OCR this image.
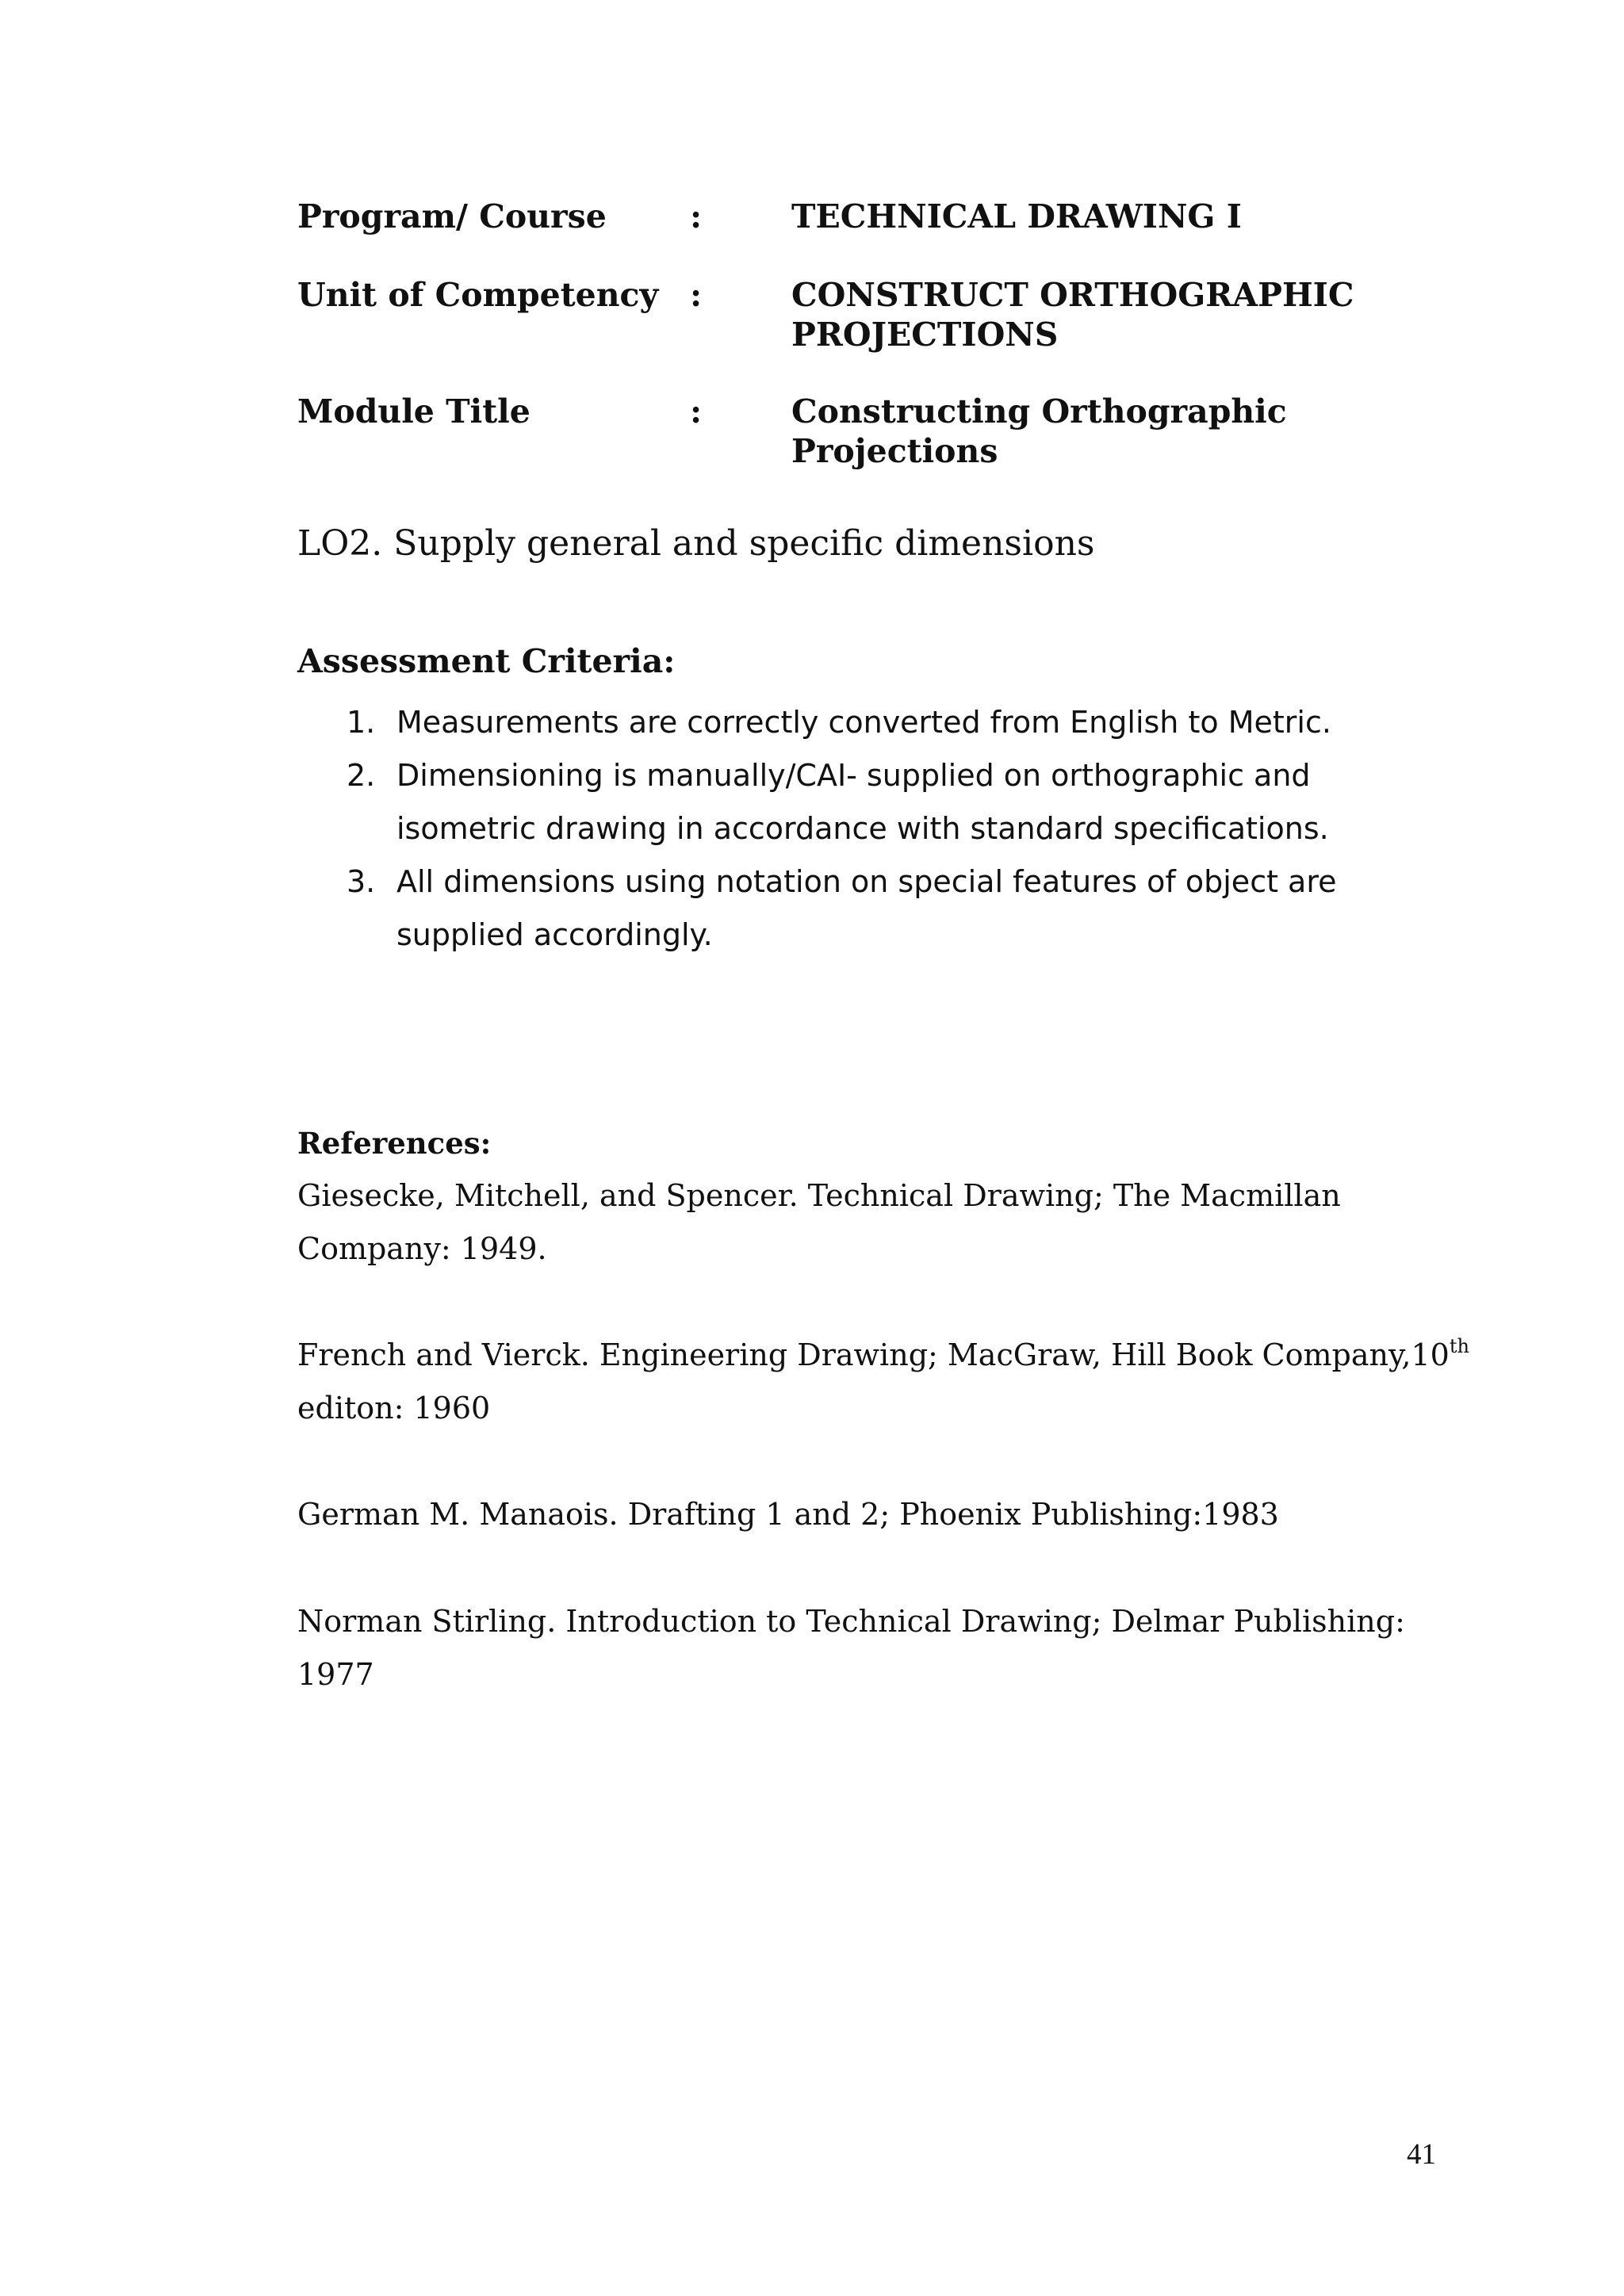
Program/ Course	:	TECHNICAL DRAWING I
Unit of Competency :	CONSTRUCT ORTHOGRAPHIC
PROJECTIONS
Module Title	:	Constructing Orthographic
Projections
LO2. Supply general and specific dimensions
Assessment Criteria:
1. Measurements are correctly converted from English to Metric.
2. Dimensioning is manually/CAI- supplied on orthographic and
isometric drawing in accordance with standard specifications.
3. All dimensions using notation on special features of object are
supplied accordingly.
References:
Giesecke, Mitchell, and Spencer. Technical Drawing; The Macmillan
Company: 1949.
French and Vierck. Engineering Drawing; MacGraw, Hill Book Company,10th
editon: 1960
German M. Manaois. Drafting 1 and 2; Phoenix Publishing:1983
Norman Stirling. Introduction to Technical Drawing; Delmar Publishing:
1977
41
